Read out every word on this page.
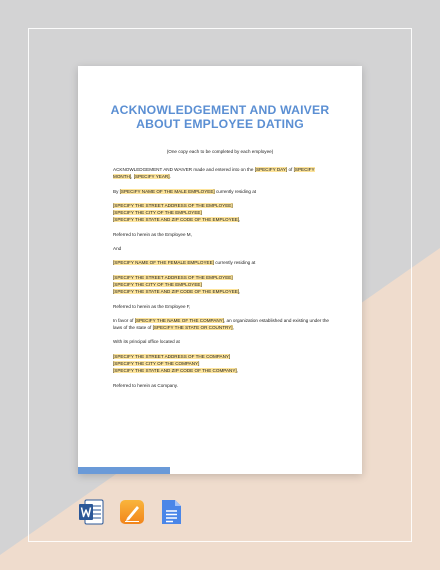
ACKNOWLEDGEMENT AND WAIVER
ABOUT EMPLOYEE DATING
(One copy each to be completed by each employee)

ACKNOWLEDGEMENT AND WAIVER made and entered into on the [SPECIFY DAY] of [SPECIFY MONTH], [SPECIFY YEAR].

By [SPECIFY NAME OF THE MALE EMPLOYEE] currently residing at

[SPECIFY THE STREET ADDRESS OF THE EMPLOYEE]
[SPECIFY THE CITY OF THE EMPLOYEE]
[SPECIFY THE STATE AND ZIP CODE OF THE EMPLOYEE],

Referred to herein as the Employee M,

And

[SPECIFY NAME OF THE FEMALE EMPLOYEE] currently residing at

[SPECIFY THE STREET ADDRESS OF THE EMPLOYEE]
[SPECIFY THE CITY OF THE EMPLOYEE]
[SPECIFY THE STATE AND ZIP CODE OF THE EMPLOYEE],

Referred to herein as the Employee F,

In favor of [SPECIFY THE NAME OF THE COMPANY], an organization established and existing under the laws of the state of [SPECIFY THE STATE OR COUNTRY],

With its principal office located at

[SPECIFY THE STREET ADDRESS OF THE COMPANY]
[SPECIFY THE CITY OF THE COMPANY]
[SPECIFY THE STATE AND ZIP CODE OF THE COMPANY],

Referred to herein as Company.
